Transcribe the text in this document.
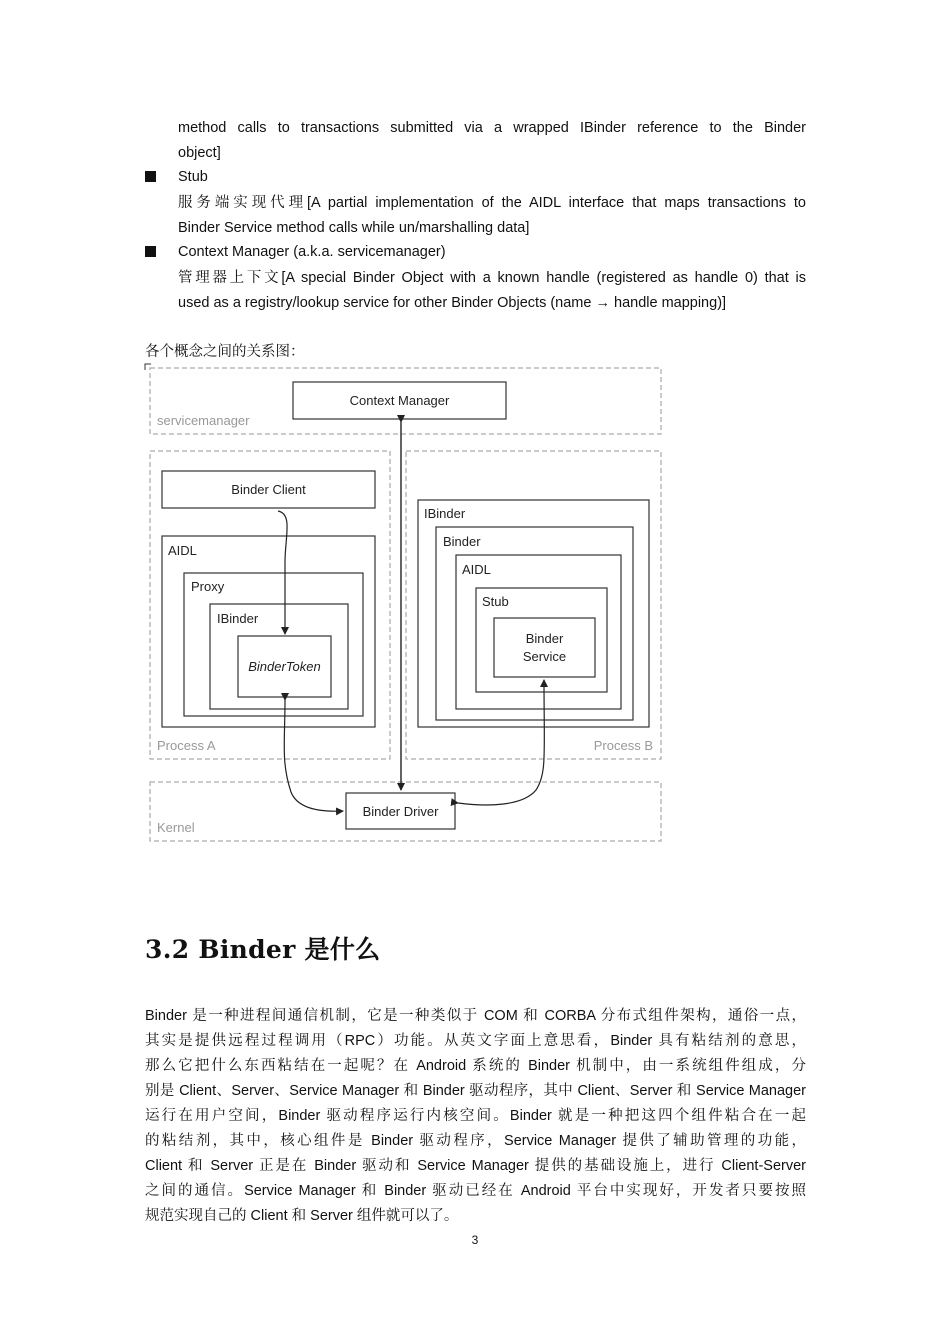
method calls to transactions submitted via a wrapped IBinder reference to the Binder
object]
Stub
服务端实现代理[A partial implementation of the AIDL interface that maps transactions to
Binder Service method calls while un/marshalling data]
Context Manager (a.k.a. servicemanager)
管理器上下文[A special Binder Object with a known handle (registered as handle 0) that is
used as a registry/lookup service for other Binder Objects (name → handle mapping)]
各个概念之间的关系图：
servicemanager
Context Manager
Process A
Binder Client
AIDL
Proxy
IBinder
BinderToken
Process B
IBinder
Binder
AIDL
Stub
Binder
Service
Kernel
Binder Driver
3.2 Binder 是什么
Binder 是一种进程间通信机制，它是一种类似于 COM 和 CORBA 分布式组件架构，通俗一点，
其实是提供远程过程调用（RPC）功能。从英文字面上意思看，Binder 具有粘结剂的意思，
那么它把什么东西粘结在一起呢？在 Android 系统的 Binder 机制中，由一系统组件组成，分
别是 Client、Server、Service Manager 和 Binder 驱动程序，其中 Client、Server 和 Service Manager
运行在用户空间，Binder 驱动程序运行内核空间。Binder 就是一种把这四个组件粘合在一起
的粘结剂，其中，核心组件是 Binder 驱动程序，Service Manager 提供了辅助管理的功能，
Client 和 Server 正是在 Binder 驱动和 Service Manager 提供的基础设施上，进行 Client-Server
之间的通信。Service Manager 和 Binder 驱动已经在 Android 平台中实现好，开发者只要按照
规范实现自己的 Client 和 Server 组件就可以了。
3
